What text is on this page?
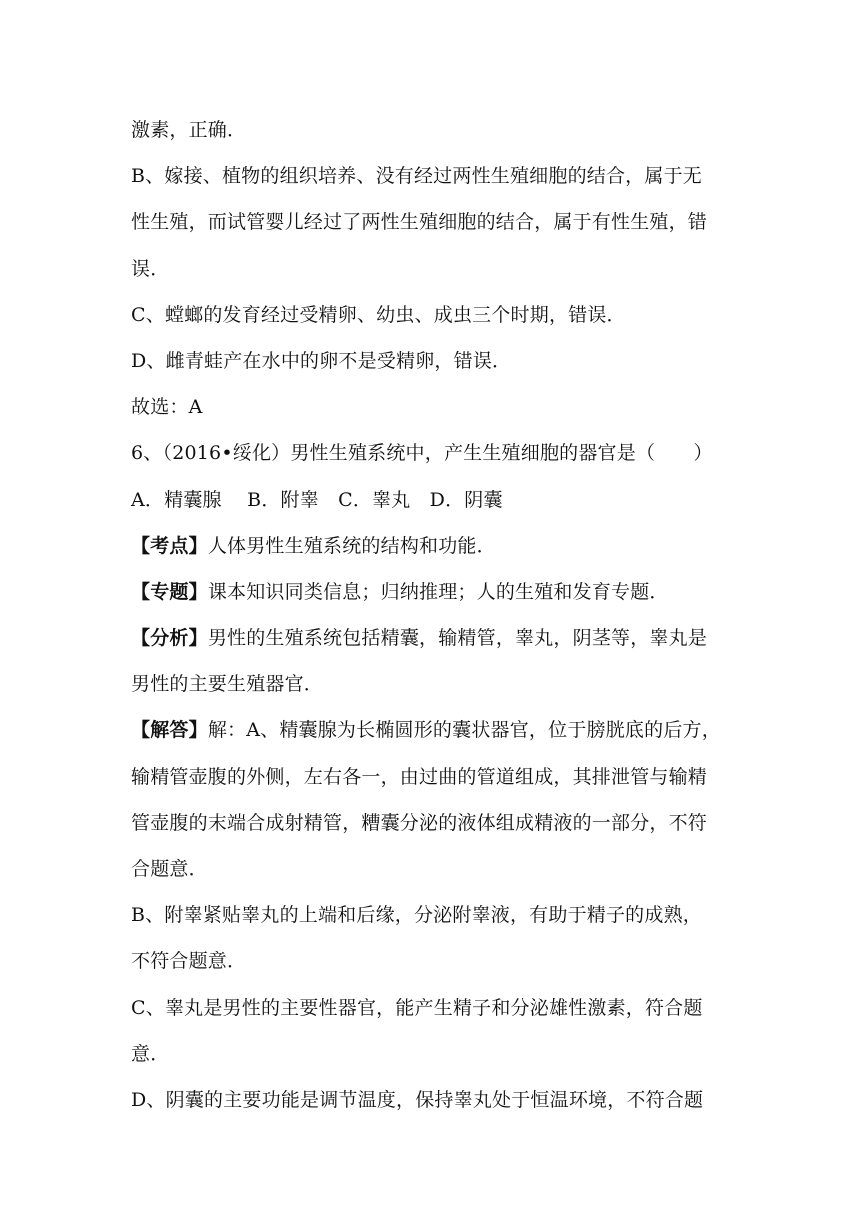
激素，正确．
B、嫁接、植物的组织培养、没有经过两性生殖细胞的结合，属于无
性生殖，而试管婴儿经过了两性生殖细胞的结合，属于有性生殖，错
误．
C、螳螂的发育经过受精卵、幼虫、成虫三个时期，错误．
D、雌青蛙产在水中的卵不是受精卵，错误．
故选：A
6、（2016•绥化）男性生殖系统中，产生生殖细胞的器官是（　　）
A．精囊腺　 B．附睾　C．睾丸　D．阴囊
【考点】人体男性生殖系统的结构和功能．
【专题】课本知识同类信息；归纳推理；人的生殖和发育专题．
【分析】男性的生殖系统包括精囊，输精管，睾丸，阴茎等，睾丸是
男性的主要生殖器官．
【解答】解：A、精囊腺为长椭圆形的囊状器官，位于膀胱底的后方，
输精管壶腹的外侧，左右各一，由过曲的管道组成，其排泄管与输精
管壶腹的末端合成射精管，糟囊分泌的液体组成精液的一部分，不符
合题意．
B、附睾紧贴睾丸的上端和后缘，分泌附睾液，有助于精子的成熟，
不符合题意．
C、睾丸是男性的主要性器官，能产生精子和分泌雄性激素，符合题
意．
D、阴囊的主要功能是调节温度，保持睾丸处于恒温环境，不符合题
